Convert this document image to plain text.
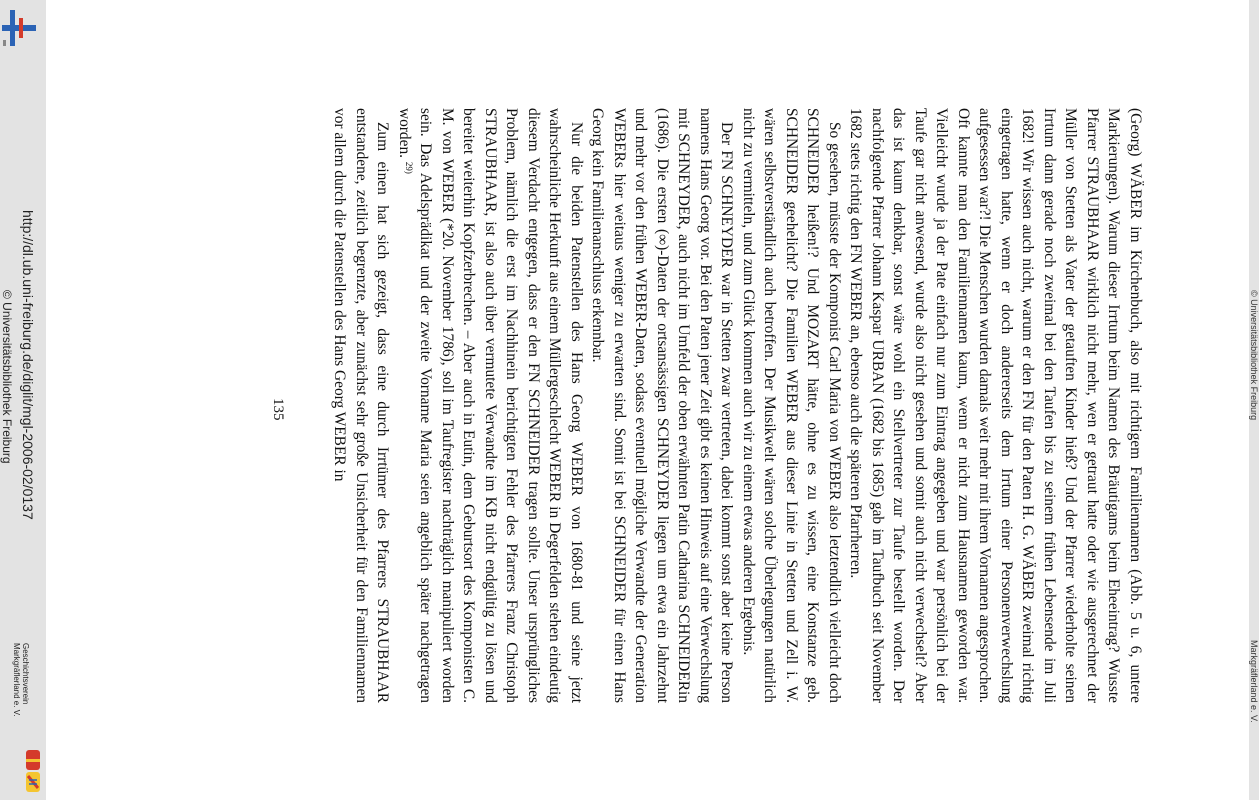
http://dl.ub.uni-freiburg.de/diglit/mgl-2006-02/0137
© Universitätsbibliothek Freiburg
Geschichtsverein
Markgräflerland e. V.
© Universitätsbibliothek Freiburg
Markgräflerland e. V.

(Georg) WÄBER im Kirchenbuch, also mit richtigem Familiennamen (Abb. 5 u. 6, untere Markierungen). Warum dieser Irrtum beim Namen des Bräutigams beim Eheeintrag? Wusste Pfarrer STRAUBHAAR wirklich nicht mehr, wen er getraut hatte oder wie ausgerechnet der Müller von Stetten als Vater der getauften Kinder hieß? Und der Pfarrer wiederholte seinen Irrtum dann gerade noch zweimal bei den Taufen bis zu seinem frühen Lebensende im Juli 1682! Wir wissen auch nicht, warum er den FN für den Paten H. G. WÄBER zweimal richtig eingetragen hatte, wenn er doch andererseits dem Irrtum einer Personenverwechslung aufgesessen war?! Die Menschen wurden damals weit mehr mit ihrem Vornamen angesprochen. Oft kannte man den Familiennamen kaum, wenn er nicht zum Hausnamen geworden war. Vielleicht wurde ja der Pate einfach nur zum Eintrag angegeben und war persönlich bei der Taufe gar nicht anwesend, wurde also nicht gesehen und somit auch nicht verwechselt? Aber das ist kaum denkbar, sonst wäre wohl ein Stellvertreter zur Taufe bestellt worden. Der nachfolgende Pfarrer Johann Kaspar URBAN (1682 bis 1685) gab im Taufbuch seit November 1682 stets richtig den FN WEBER an, ebenso auch die späteren Pfarrherren.

So gesehen, müsste der Komponist Carl Maria von WEBER also letztendlich vielleicht doch SCHNEIDER heißen!? Und MOZART hätte, ohne es zu wissen, eine Konstanze geb. SCHNEIDER geehelicht? Die Familien WEBER aus dieser Linie in Stetten und Zell i. W. wären selbstverständlich auch betroffen. Der Musikwelt wären solche Überlegungen natürlich nicht zu vermitteln, und zum Glück kommen auch wir zu einem etwas anderen Ergebnis.

Der FN SCHNEYDER war in Stetten zwar vertreten, dabei kommt sonst aber keine Person namens Hans Georg vor. Bei den Paten jener Zeit gibt es keinen Hinweis auf eine Verwechslung mit SCHNEYDER, auch nicht im Umfeld der oben erwähnten Patin Catharina SCHNEIDERin (1686). Die ersten (∞)-Daten der ortsansässigen SCHNEYDER liegen um etwa ein Jahrzehnt und mehr vor den frühen WEBER-Daten, sodass eventuell mögliche Verwandte der Generation WEBERs hier weitaus weniger zu erwarten sind. Somit ist bei SCHNEIDER für einen Hans Georg kein Familienanschluss erkennbar.

Nur die beiden Patenstellen des Hans Georg WEBER von 1680-81 und seine jetzt wahrscheinliche Herkunft aus einem Müllergeschlecht WEBER in Degerfelden stehen eindeutig diesem Verdacht entgegen, dass er den FN SCHNEIDER tragen sollte. Unser ursprüngliches Problem, nämlich die erst im Nachhinein berichtigten Fehler des Pfarrers Franz Christoph STRAUBHAAR, ist also auch über vermutete Verwandte im KB nicht endgültig zu lösen und bereitet weiterhin Kopfzerbrechen. – Aber auch in Eutin, dem Geburtsort des Komponisten C. M. von WEBER (*20. November 1786), soll im Taufregister nachträglich manipuliert worden sein. Das Adelsprädikat und der zweite Vorname Maria seien angeblich später nachgetragen worden. $^{29)}$

Zum einen hat sich gezeigt, dass eine durch Irrtümer des Pfarrers STRAUBHAAR entstandene, zeitlich begrenzte, aber zunächst sehr große Unsicherheit für den Familiennamen vor allem durch die Patenstellen des Hans Georg WEBER in

135
